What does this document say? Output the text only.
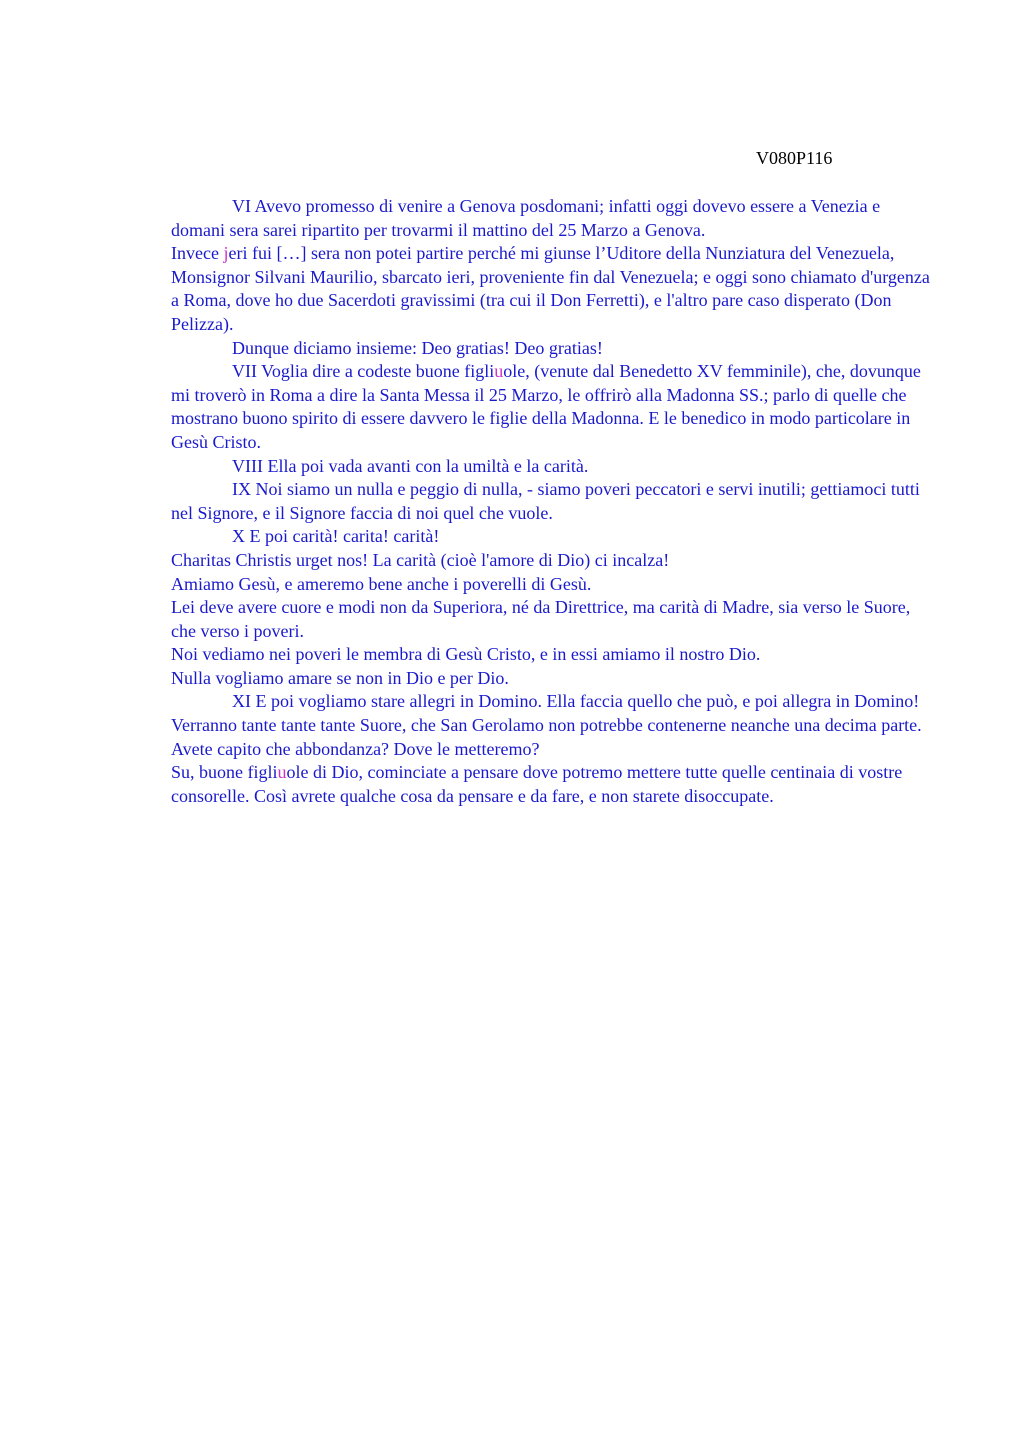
V080P116

VI Avevo promesso di venire a Genova posdomani; infatti oggi dovevo essere a Venezia e domani sera sarei ripartito per trovarmi il mattino del 25 Marzo a Genova.

Invece jeri fui […] sera non potei partire perché mi giunse l’Uditore della Nunziatura del Venezuela, Monsignor Silvani Maurilio, sbarcato ieri, proveniente fin dal Venezuela; e oggi sono chiamato d'urgenza a Roma, dove ho due Sacerdoti gravissimi (tra cui il Don Ferretti), e l'altro pare caso disperato (Don Pelizza).

Dunque diciamo insieme: Deo gratias! Deo gratias!

VII Voglia dire a codeste buone figliuole, (venute dal Benedetto XV femminile), che, dovunque mi troverò in Roma a dire la Santa Messa il 25 Marzo, le offrirò alla Madonna SS.; parlo di quelle che mostrano buono spirito di essere davvero le figlie della Madonna. E le benedico in modo particolare in Gesù Cristo.

VIII Ella poi vada avanti con la umiltà e la carità.

IX Noi siamo un nulla e peggio di nulla, - siamo poveri peccatori e servi inutili; gettiamoci tutti nel Signore, e il Signore faccia di noi quel che vuole.

X E poi carità! carita! carità!

Charitas Christis urget nos! La carità (cioè l'amore di Dio) ci incalza!

Amiamo Gesù, e ameremo bene anche i poverelli di Gesù.

Lei deve avere cuore e modi non da Superiora, né da Direttrice, ma carità di Madre, sia verso le Suore, che verso i poveri.

Noi vediamo nei poveri le membra di Gesù Cristo, e in essi amiamo il nostro Dio.

Nulla vogliamo amare se non in Dio e per Dio.

XI E poi vogliamo stare allegri in Domino. Ella faccia quello che può, e poi allegra in Domino!

Verranno tante tante tante Suore, che San Gerolamo non potrebbe contenerne neanche una decima parte. Avete capito che abbondanza? Dove le metteremo?

Su, buone figliuole di Dio, cominciate a pensare dove potremo mettere tutte quelle centinaia di vostre consorelle. Così avrete qualche cosa da pensare e da fare, e non starete disoccupate.
